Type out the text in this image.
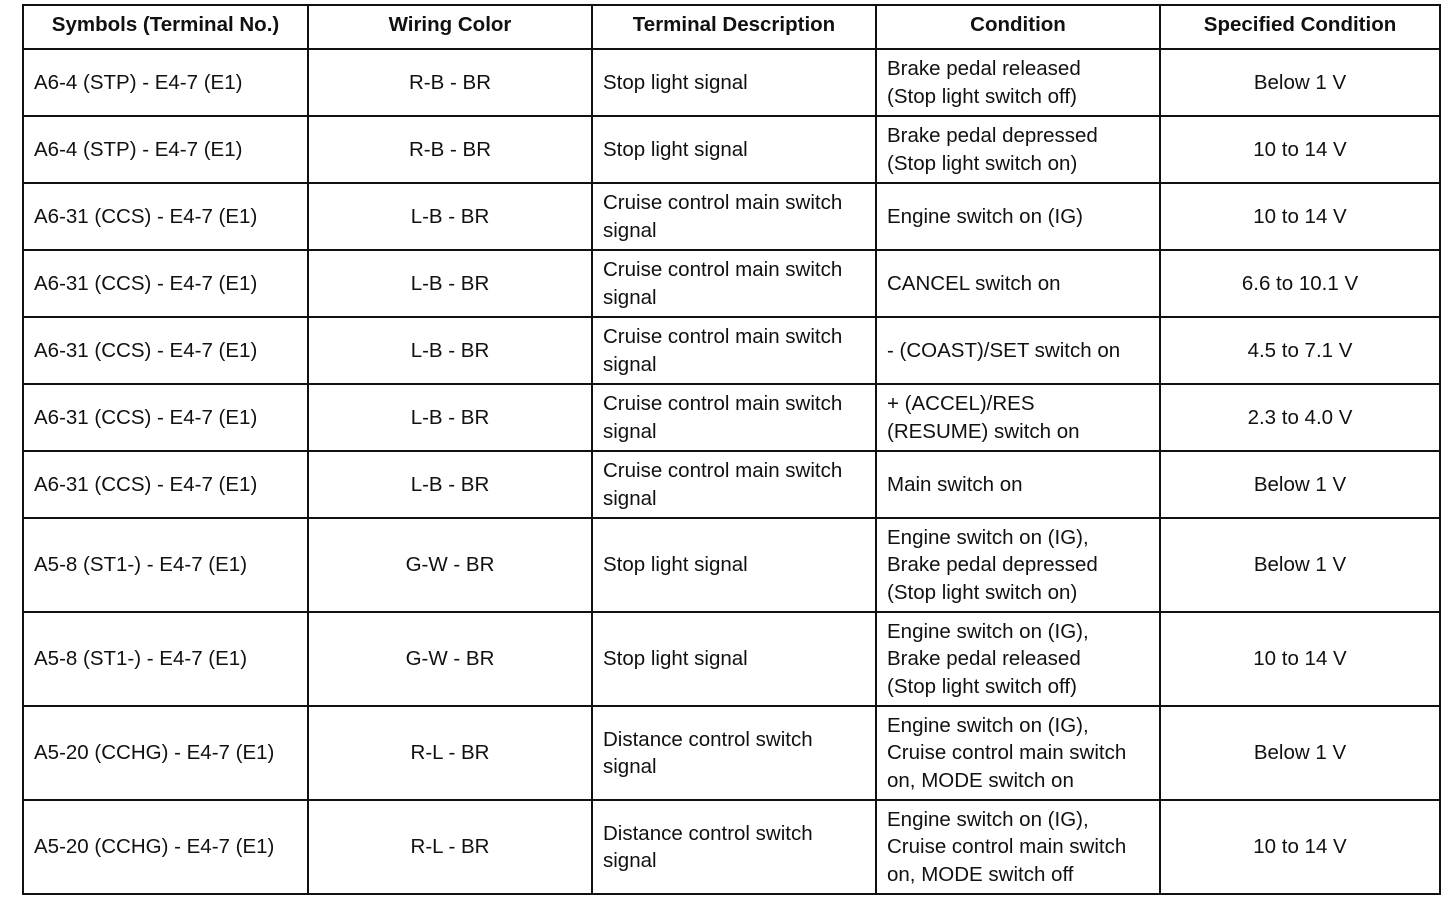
Symbols (Terminal No.)	Wiring Color	Terminal Description	Condition	Specified Condition

A6-4 (STP) - E4-7 (E1)	R-B - BR	Stop light signal	Brake pedal released
(Stop light switch off)	Below 1 V

A6-4 (STP) - E4-7 (E1)	R-B - BR	Stop light signal	Brake pedal depressed
(Stop light switch on)	10 to 14 V

A6-31 (CCS) - E4-7 (E1)	L-B - BR	Cruise control main switch
signal	Engine switch on (IG)	10 to 14 V

A6-31 (CCS) - E4-7 (E1)	L-B - BR	Cruise control main switch
signal	CANCEL switch on	6.6 to 10.1 V

A6-31 (CCS) - E4-7 (E1)	L-B - BR	Cruise control main switch
signal	- (COAST)/SET switch on	4.5 to 7.1 V

A6-31 (CCS) - E4-7 (E1)	L-B - BR	Cruise control main switch
signal	+ (ACCEL)/RES
(RESUME) switch on	2.3 to 4.0 V

A6-31 (CCS) - E4-7 (E1)	L-B - BR	Cruise control main switch
signal	Main switch on	Below 1 V

A5-8 (ST1-) - E4-7 (E1)	G-W - BR	Stop light signal	Engine switch on (IG),
Brake pedal depressed
(Stop light switch on)	Below 1 V

A5-8 (ST1-) - E4-7 (E1)	G-W - BR	Stop light signal	Engine switch on (IG),
Brake pedal released
(Stop light switch off)	10 to 14 V

A5-20 (CCHG) - E4-7 (E1)	R-L - BR	Distance control switch
signal	Engine switch on (IG),
Cruise control main switch
on, MODE switch on	Below 1 V

A5-20 (CCHG) - E4-7 (E1)	R-L - BR	Distance control switch
signal	Engine switch on (IG),
Cruise control main switch
on, MODE switch off	10 to 14 V
